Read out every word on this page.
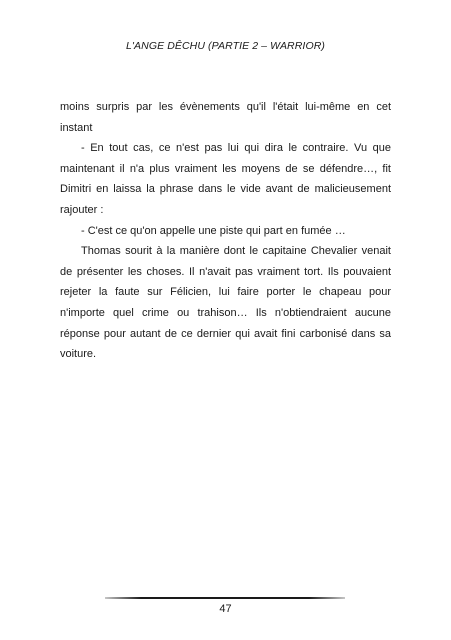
L'ANGE DÊCHU (PARTIE 2 – WARRIOR)

moins surpris par les évènements qu'il l'était lui-même en cet instant

- En tout cas, ce n'est pas lui qui dira le contraire. Vu que maintenant il n'a plus vraiment les moyens de se défendre…, fit Dimitri en laissa la phrase dans le vide avant de malicieusement rajouter :

- C'est ce qu'on appelle une piste qui part en fumée …

Thomas sourit à la manière dont le capitaine Chevalier venait de présenter les choses. Il n'avait pas vraiment tort. Ils pouvaient rejeter la faute sur Félicien, lui faire porter le chapeau pour n'importe quel crime ou trahison… Ils n'obtiendraient aucune réponse pour autant de ce dernier qui avait fini carbonisé dans sa voiture.

47
